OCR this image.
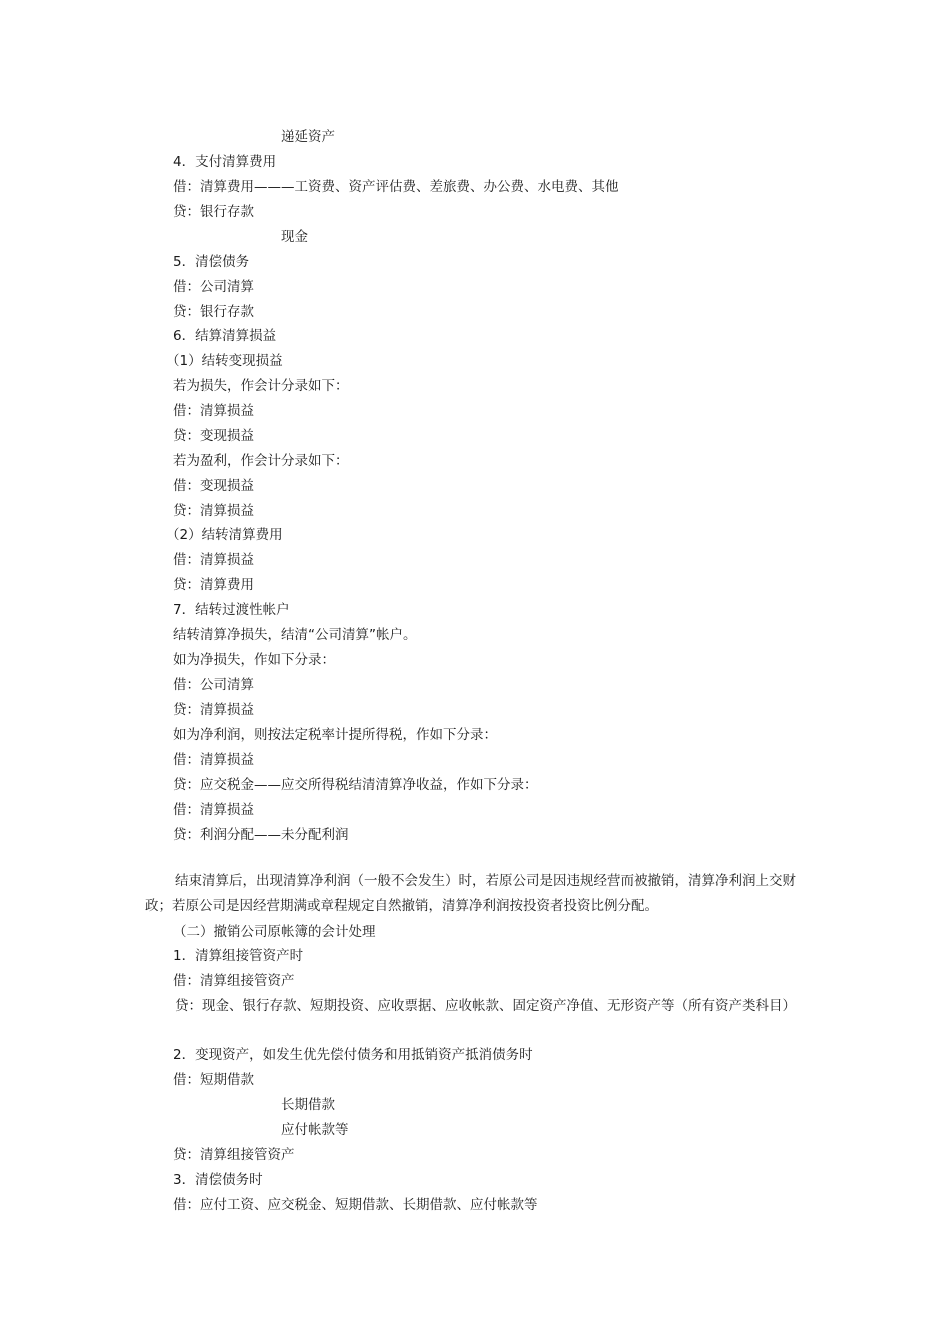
递延资产
4．支付清算费用
借：清算费用———工资费、资产评估费、差旅费、办公费、水电费、其他
贷：银行存款
现金
5．清偿债务
借：公司清算
贷：银行存款
6．结算清算损益
（1）结转变现损益
若为损失，作会计分录如下：
借：清算损益
贷：变现损益
若为盈利，作会计分录如下：
借：变现损益
贷：清算损益
（2）结转清算费用
借：清算损益
贷：清算费用
7．结转过渡性帐户
结转清算净损失，结清“公司清算”帐户。
如为净损失，作如下分录：
借：公司清算
贷：清算损益
如为净利润，则按法定税率计提所得税，作如下分录：
借：清算损益
贷：应交税金——应交所得税结清清算净收益，作如下分录：
借：清算损益
贷：利润分配——未分配利润
结束清算后，出现清算净利润（一般不会发生）时，若原公司是因违规经营而被撤销，清算净利润上交财政；若原公司是因经营期满或章程规定自然撤销，清算净利润按投资者投资比例分配。
（二）撤销公司原帐簿的会计处理
1．清算组接管资产时
借：清算组接管资产
贷：现金、银行存款、短期投资、应收票据、应收帐款、固定资产净值、无形资产等（所有资产类科目）
2．变现资产，如发生优先偿付债务和用抵销资产抵消债务时
借：短期借款
长期借款
应付帐款等
贷：清算组接管资产
3．清偿债务时
借：应付工资、应交税金、短期借款、长期借款、应付帐款等
